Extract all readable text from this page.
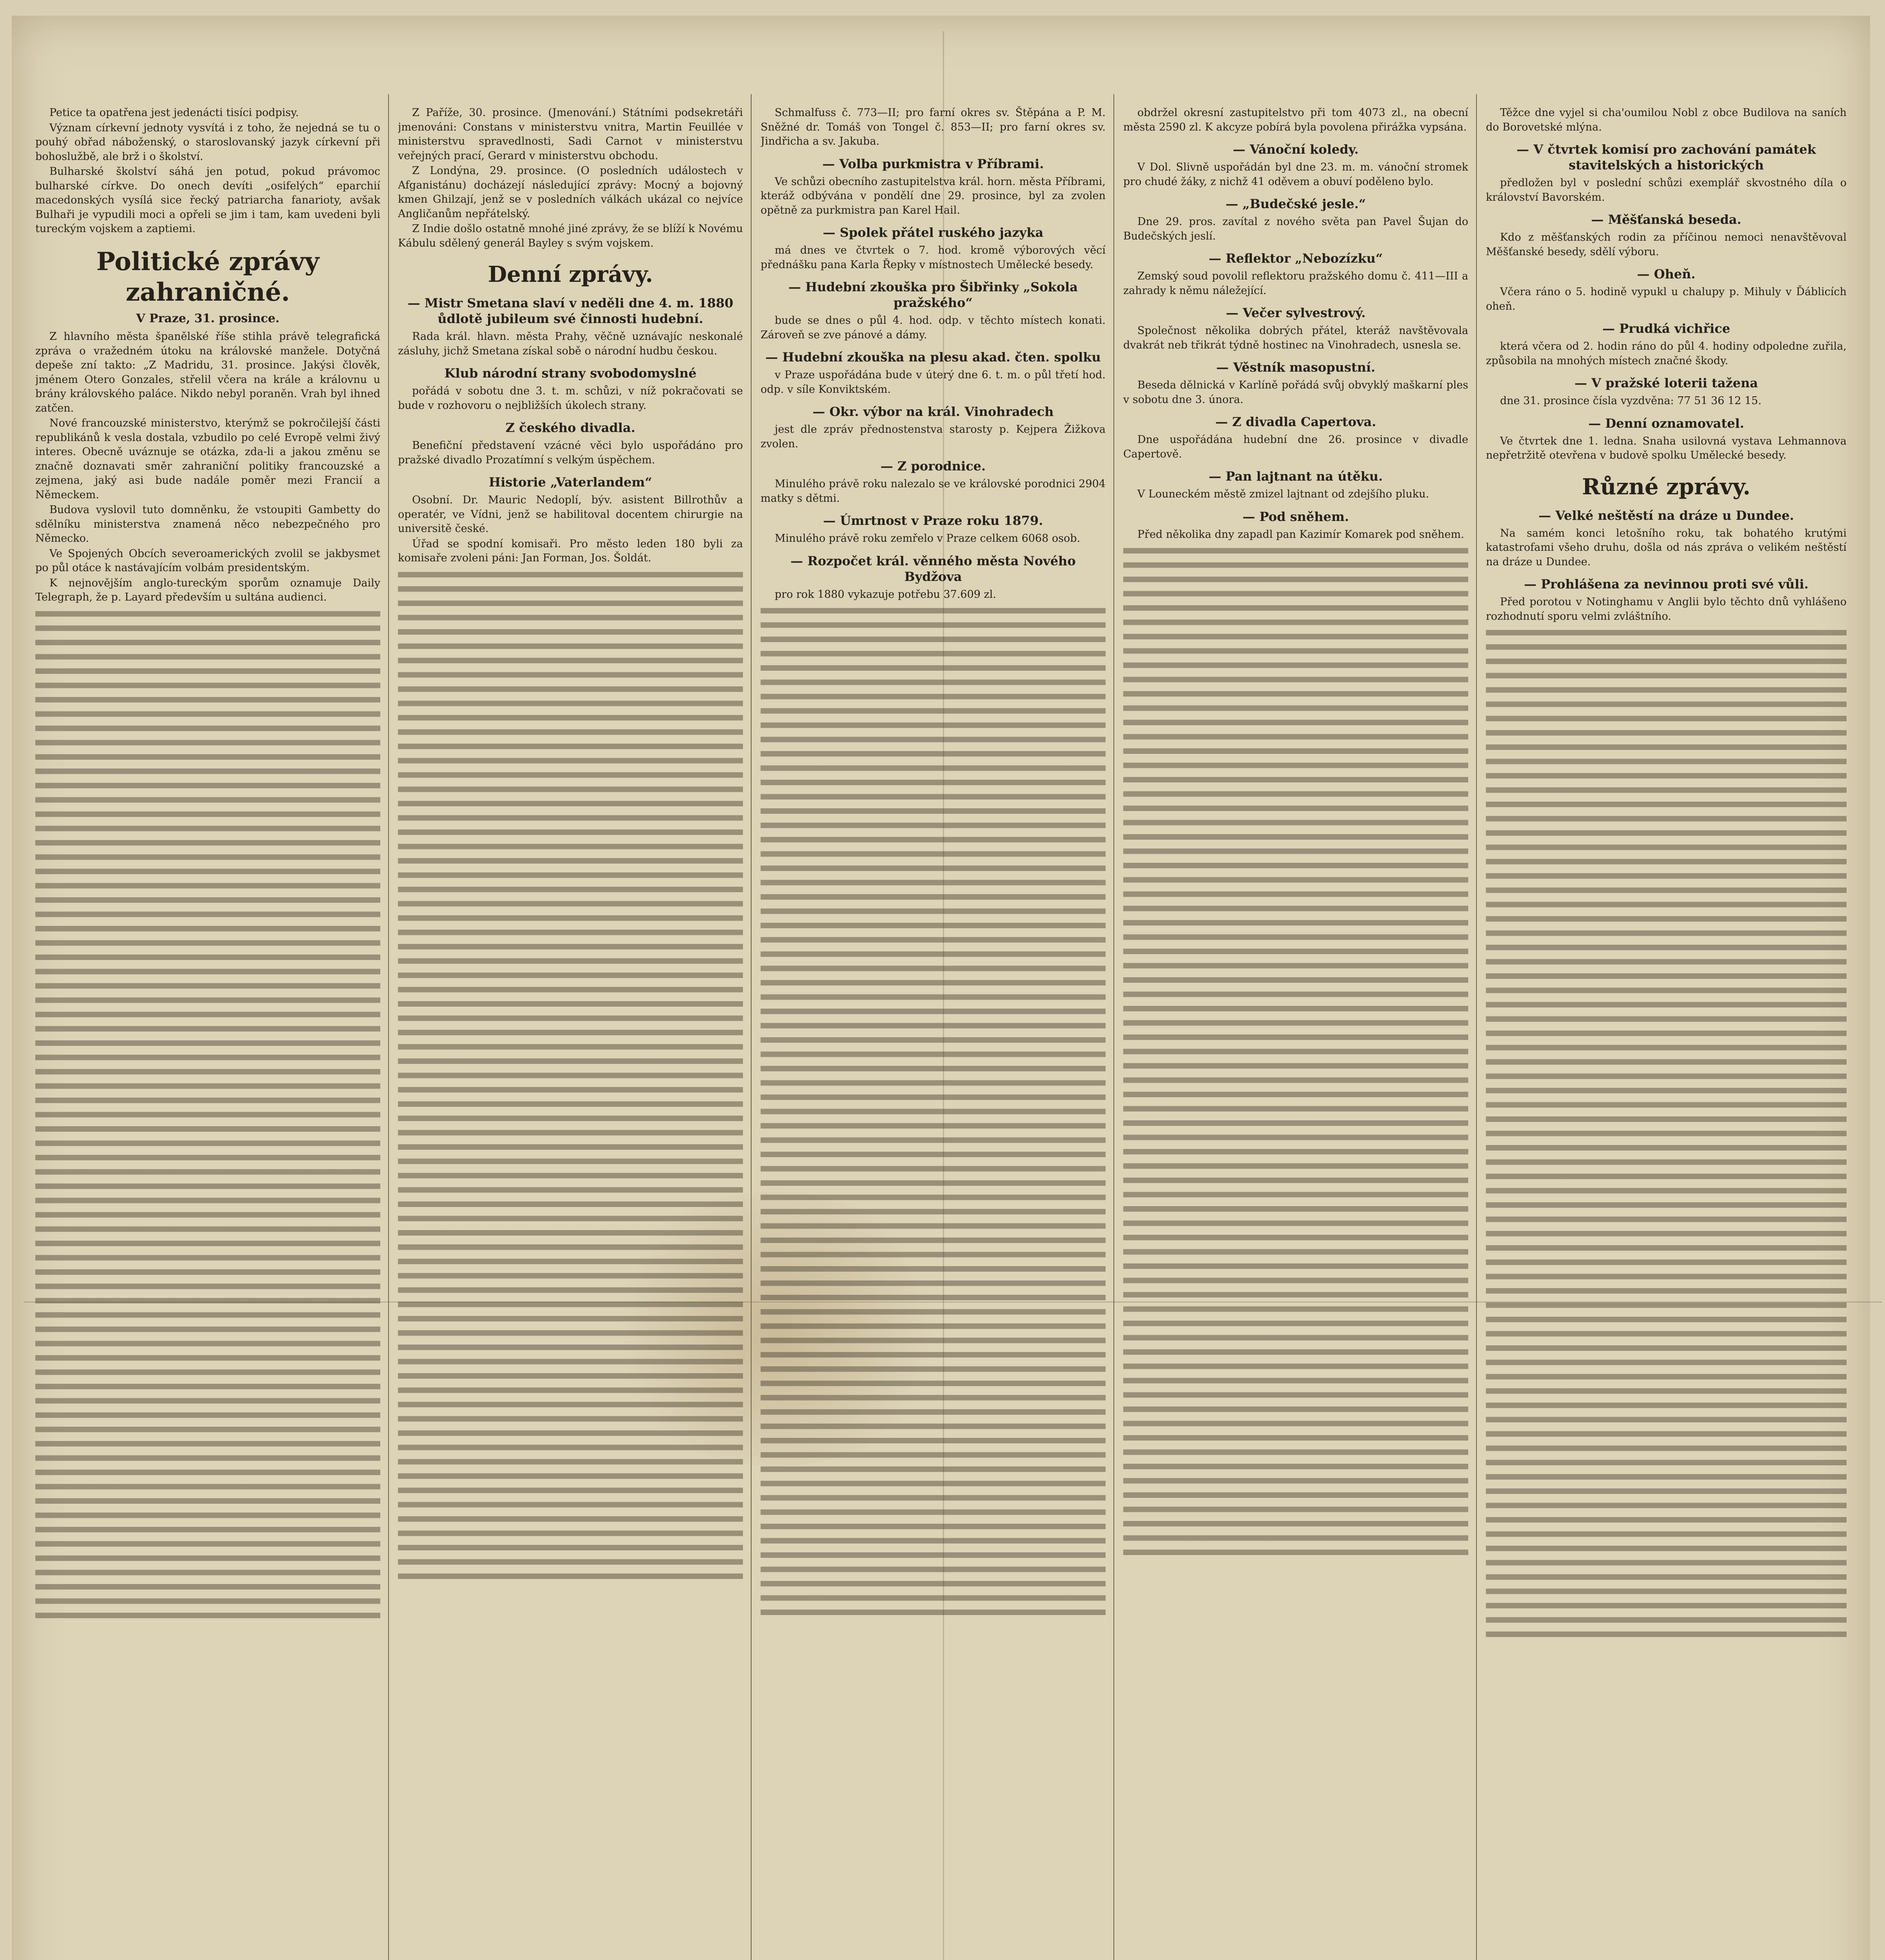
Petice ta opatřena jest jedenácti tisíci podpisy.

Význam církevní jednoty vysvítá i z toho, že nejedná se tu o pouhý obřad náboženský, o staroslovanský jazyk církevní při bohoslužbě, ale brž i o školství.

Bulharské školství sáhá jen potud, pokud právomoc bulharské církve. Do onech devíti „osifelých“ eparchií macedonských vysílá sice řecký patriarcha fanarioty, avšak Bulhaři je vypudili moci a opřeli se jim i tam, kam uvedeni byli tureckým vojskem a zaptiemi.

Politické zprávy zahraničné.
V Praze, 31. prosince.

Z hlavního města španělské říše stihla právě telegrafická zpráva o vražedném útoku na královské manžele. Dotyčná depeše zní takto: „Z Madridu, 31. prosince. Jakýsi člověk, jménem Otero Gonzales, střelil včera na krále a královnu u brány královského paláce. Nikdo nebyl poraněn. Vrah byl ihned zatčen.

Nové francouzské ministerstvo, kterýmž se pokročilejší části republikánů k vesla dostala, vzbudilo po celé Evropě velmi živý interes. Obecně uváznuje se otázka, zda-li a jakou změnu se značně doznavati směr zahraniční politiky francouzské a zejmena, jaký asi bude nadále poměr mezi Francií a Německem.

Budova vyslovil tuto domněnku, že vstoupiti Gambetty do sdělníku ministerstva znamená něco nebezpečného pro Německo.

Ve Spojených Obcích severoamerických zvolil se jakbysmet po půl otáce k nastávajícím volbám presidentským.

K nejnovějším anglo-tureckým sporům oznamuje Daily Telegraph, že p. Layard především u sultána audienci.

Z Paříže, 30. prosince. (Jmenování.) Státními podsekretáři jmenováni: Constans v ministerstvu vnitra, Martin Feuillée v ministerstvu spravedlnosti, Sadi Carnot v ministerstvu veřejných prací, Gerard v ministerstvu obchodu.

Z Londýna, 29. prosince. (O posledních událostech v Afganistánu) docházejí následující zprávy: Mocný a bojovný kmen Ghilzají, jenž se v posledních válkách ukázal co nejvíce Angličanům nepřátelský.

Z Indie došlo ostatně mnohé jiné zprávy, že se blíží k Novému Kábulu sdělený generál Bayley s svým vojskem.

Denní zprávy.
— Mistr Smetana slaví v neděli dne 4. m. 1880 ůdlotě jubileum své činnosti hudební.

Rada král. hlavn. města Prahy, věčně uznávajíc neskonalé zásluhy, jichž Smetana získal sobě o národní hudbu českou.

Klub národní strany svobodomyslné

pořádá v sobotu dne 3. t. m. schůzi, v níž pokračovati se bude v rozhovoru o nejbližších úkolech strany.

Z českého divadla.

Benefiční představení vzácné věci bylo uspořádáno pro pražské divadlo Prozatímní s velkým úspěchem.

Historie „Vaterlandem“

Osobní. Dr. Mauric Nedoplí, býv. asistent Billrothův a operatér, ve Vídni, jenž se habilitoval docentem chirurgie na universitě české.

Úřad se spodní komisaři. Pro město leden 180 byli za komisaře zvoleni páni: Jan Forman, Jos. Šoldát.

Schmalfuss č. 773—II; pro farní okres sv. Štěpána a P. M. Sněžné dr. Tomáš von Tongel č. 853—II; pro farní okres sv. Jindřicha a sv. Jakuba.

— Volba purkmistra v Příbrami.

Ve schůzi obecního zastupitelstva král. horn. města Příbrami, kteráž odbývána v pondělí dne 29. prosince, byl za zvolen opětně za purkmistra pan Karel Hail.

— Spolek přátel ruského jazyka

má dnes ve čtvrtek o 7. hod. kromě výborových věcí přednášku pana Karla Řepky v místnostech Umělecké besedy.

— Hudební zkouška pro Šibřinky „Sokola pražského“

bude se dnes o půl 4. hod. odp. v těchto místech konati. Zároveň se zve pánové a dámy.

— Hudební zkouška na plesu akad. čten. spolku

v Praze uspořádána bude v úterý dne 6. t. m. o půl třetí hod. odp. v síle Konviktském.

— Okr. výbor na král. Vinohradech

jest dle zpráv přednostenstva starosty p. Kejpera Žižkova zvolen.

— Z porodnice.

Minulého právě roku nalezalo se ve královské porodnici 2904 matky s dětmi.

— Úmrtnost v Praze roku 1879.

Minulého právě roku zemřelo v Praze celkem 6068 osob.

— Rozpočet král. věnného města Nového Bydžova

pro rok 1880 vykazuje potřebu 37.609 zl.

obdržel okresní zastupitelstvo při tom 4073 zl., na obecní města 2590 zl. K akcyze pobírá byla povolena přirážka vypsána.

— Vánoční koledy.

V Dol. Slivně uspořádán byl dne 23. m. m. vánoční stromek pro chudé žáky, z nichž 41 oděvem a obuví poděleno bylo.

— „Budečské jesle.“

Dne 29. pros. zavítal z nového světa pan Pavel Šujan do Budečských jeslí.

— Reflektor „Nebozízku“

Zemský soud povolil reflektoru pražského domu č. 411—III a zahrady k němu náležející.

— Večer sylvestrový.

Společnost několika dobrých přátel, kteráž navštěvovala dvakrát neb třikrát týdně hostinec na Vinohradech, usnesla se.

— Věstník masopustní.

Beseda dělnická v Karlíně pořádá svůj obvyklý maškarní ples v sobotu dne 3. února.

— Z divadla Capertova.

Dne uspořádána hudební dne 26. prosince v divadle Capertově.

— Pan lajtnant na útěku.

V Louneckém městě zmizel lajtnant od zdejšího pluku.

— Pod sněhem.

Před několika dny zapadl pan Kazimír Komarek pod sněhem.

Těžce dne vyjel si cha'oumilou Nobl z obce Budilova na saních do Borovetské mlýna.

— V čtvrtek komisí pro zachování památek stavitelských a historických

předložen byl v poslední schůzi exemplář skvostného díla o království Bavorském.

— Měšťanská beseda.

Kdo z měšťanských rodin za příčinou nemoci nenavštěvoval Měšťanské besedy, sdělí výboru.

— Oheň.

Včera ráno o 5. hodině vypukl u chalupy p. Mihuly v Ďáblicích oheň.

— Prudká vichřice

která včera od 2. hodin ráno do půl 4. hodiny odpoledne zuřila, způsobila na mnohých místech značné škody.

— V pražské loterii tažena

dne 31. prosince čísla vyzdvěna: 77 51 36 12 15.

— Denní oznamovatel.

Ve čtvrtek dne 1. ledna. Snaha usilovná vystava Lehmannova nepřetržitě otevřena v budově spolku Umělecké besedy.

Různé zprávy.
— Velké neštěstí na dráze u Dundee.

Na samém konci letošního roku, tak bohatého krutými katastrofami všeho druhu, došla od nás zpráva o velikém neštěstí na dráze u Dundee.

— Prohlášena za nevinnou proti své vůli.

Před porotou v Notinghamu v Anglii bylo těchto dnů vyhlášeno rozhodnutí sporu velmi zvláštního.
